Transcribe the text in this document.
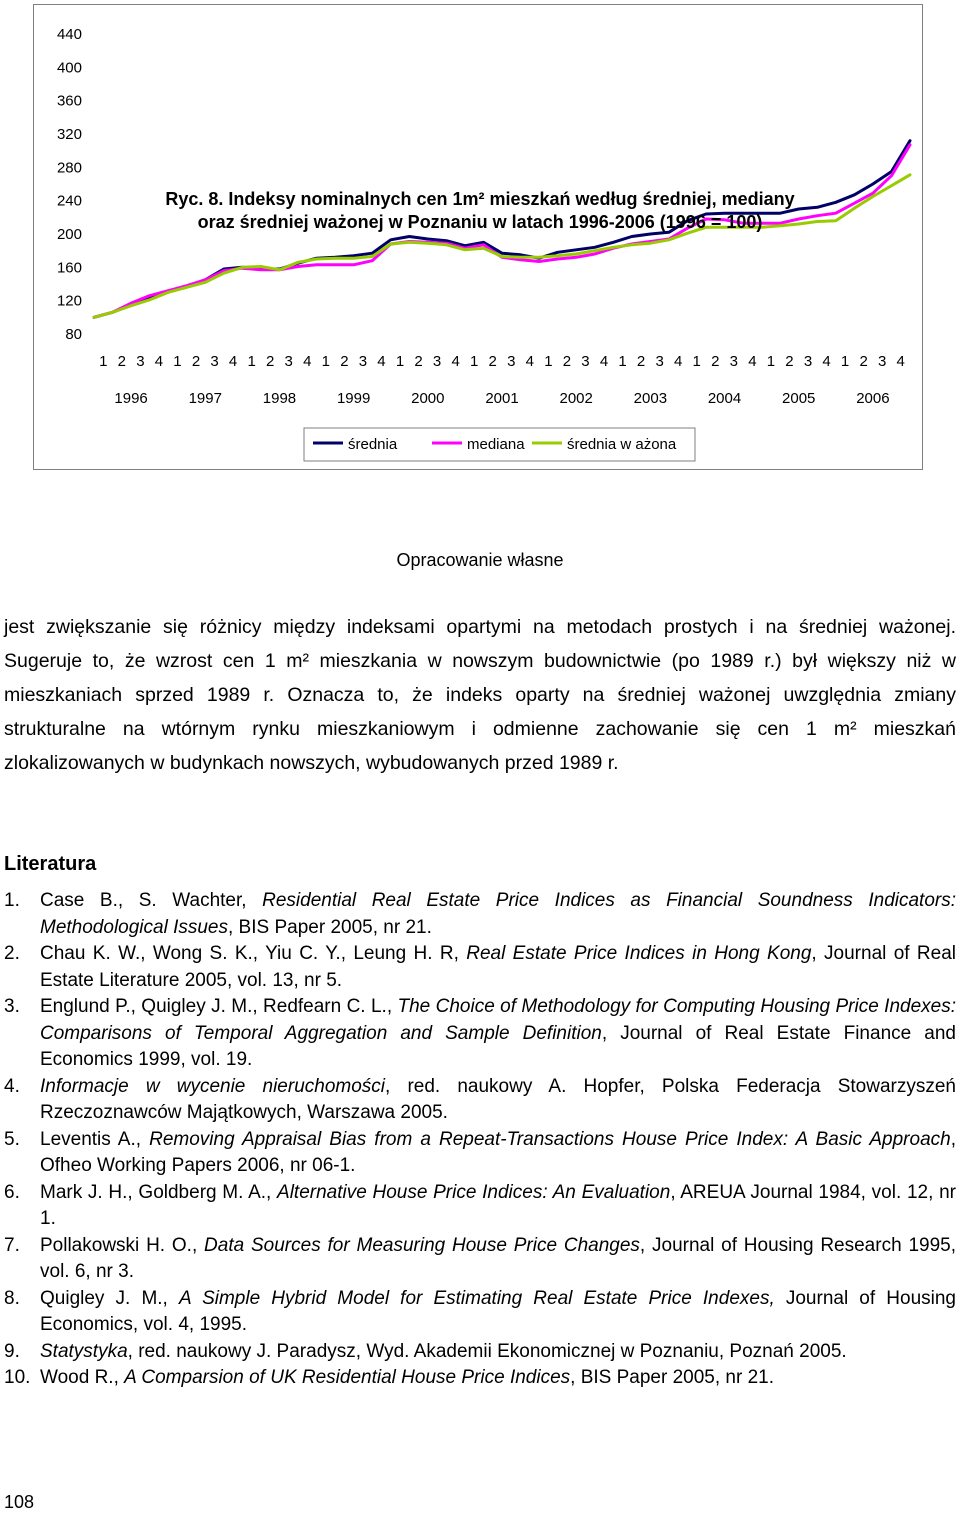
80
120
160
200
240
280
320
360
400
440
1 2 3 4 1 2 3 4 1 2 3 4 1 2 3 4 1 2 3 4 1 2 3 4 1 2 3 4 1 2 3 4 1 2 3 4 1 2 3 4 1 2 3 4
1996	1997	1998	1999	2000	2001	2002	2003	2004	2005	2006
średnia	mediana	średnia w ażona
Ryc. 8. Indeksy nominalnych cen 1m² mieszkań według średniej, mediany
oraz średniej ważonej w Poznaniu w latach 1996-2006 (1996 = 100)
Opracowanie własne
jest zwiększanie się różnicy między indeksami opartymi na metodach prostych i na średniej ważonej. Sugeruje to, że wzrost cen 1 m² mieszkania w nowszym budownictwie (po 1989 r.) był większy niż w mieszkaniach sprzed 1989 r. Oznacza to, że indeks oparty na średniej ważonej uwzględnia zmiany strukturalne na wtórnym rynku mieszkaniowym i odmienne zachowanie się cen 1 m² mieszkań zlokalizowanych w budynkach nowszych, wybudowanych przed 1989 r.
Literatura
1.	Case B., S. Wachter, Residential Real Estate Price Indices as Financial Soundness Indicators: Methodological Issues, BIS Paper 2005, nr 21.
2.	Chau K. W., Wong S. K., Yiu C. Y., Leung H. R, Real Estate Price Indices in Hong Kong, Journal of Real Estate Literature 2005, vol. 13, nr 5.
3.	Englund P., Quigley J. M., Redfearn C. L., The Choice of Methodology for Computing Housing Price Indexes: Comparisons of Temporal Aggregation and Sample Definition, Journal of Real Estate Finance and Economics 1999, vol. 19.
4.	Informacje w wycenie nieruchomości, red. naukowy A. Hopfer, Polska Federacja Stowarzyszeń Rzeczoznawców Majątkowych, Warszawa 2005.
5.	Leventis A., Removing Appraisal Bias from a Repeat-Transactions House Price Index: A Basic Approach, Ofheo Working Papers 2006, nr 06-1.
6.	Mark J. H., Goldberg M. A., Alternative House Price Indices: An Evaluation, AREUA Journal 1984, vol. 12, nr 1.
7.	Pollakowski H. O., Data Sources for Measuring House Price Changes, Journal of Housing Research 1995, vol. 6, nr 3.
8.	Quigley J. M., A Simple Hybrid Model for Estimating Real Estate Price Indexes, Journal of Housing Economics, vol. 4, 1995.
9.	Statystyka, red. naukowy J. Paradysz, Wyd. Akademii Ekonomicznej w Poznaniu, Poznań 2005.
10. Wood R., A Comparsion of UK Residential House Price Indices, BIS Paper 2005, nr 21.
108
